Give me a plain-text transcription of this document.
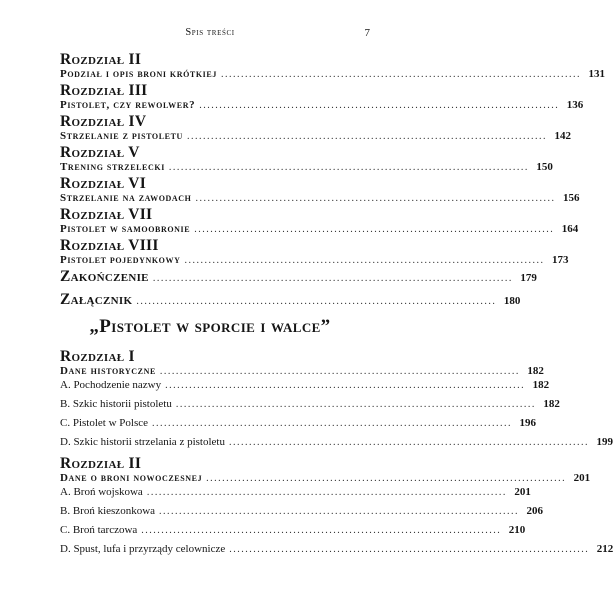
Spis treści	7
Rozdział II
Podział i opis broni krótkiej .......................................................................................... 131
Rozdział III
Pistolet, czy rewolwer? .......................................................................................... 136
Rozdział IV
Strzelanie z pistoletu .......................................................................................... 142
Rozdział V
Trening strzelecki .......................................................................................... 150
Rozdział VI
Strzelanie na zawodach .......................................................................................... 156
Rozdział VII
Pistolet w samoobronie .......................................................................................... 164
Rozdział VIII
Pistolet pojedynkowy .......................................................................................... 173
Zakończenie .......................................................................................... 179
Załącznik .......................................................................................... 180
„Pistolet w sporcie i walce”
Rozdział I
Dane historyczne .......................................................................................... 182
A. Pochodzenie nazwy .......................................................................................... 182
B. Szkic historii pistoletu .......................................................................................... 182
C. Pistolet w Polsce .......................................................................................... 196
D. Szkic historii strzelania z pistoletu .......................................................................................... 199
Rozdział II
Dane o broni nowoczesnej .......................................................................................... 201
A. Broń wojskowa .......................................................................................... 201
B. Broń kieszonkowa .......................................................................................... 206
C. Broń tarczowa .......................................................................................... 210
D. Spust, lufa i przyrządy celownicze .......................................................................................... 212
